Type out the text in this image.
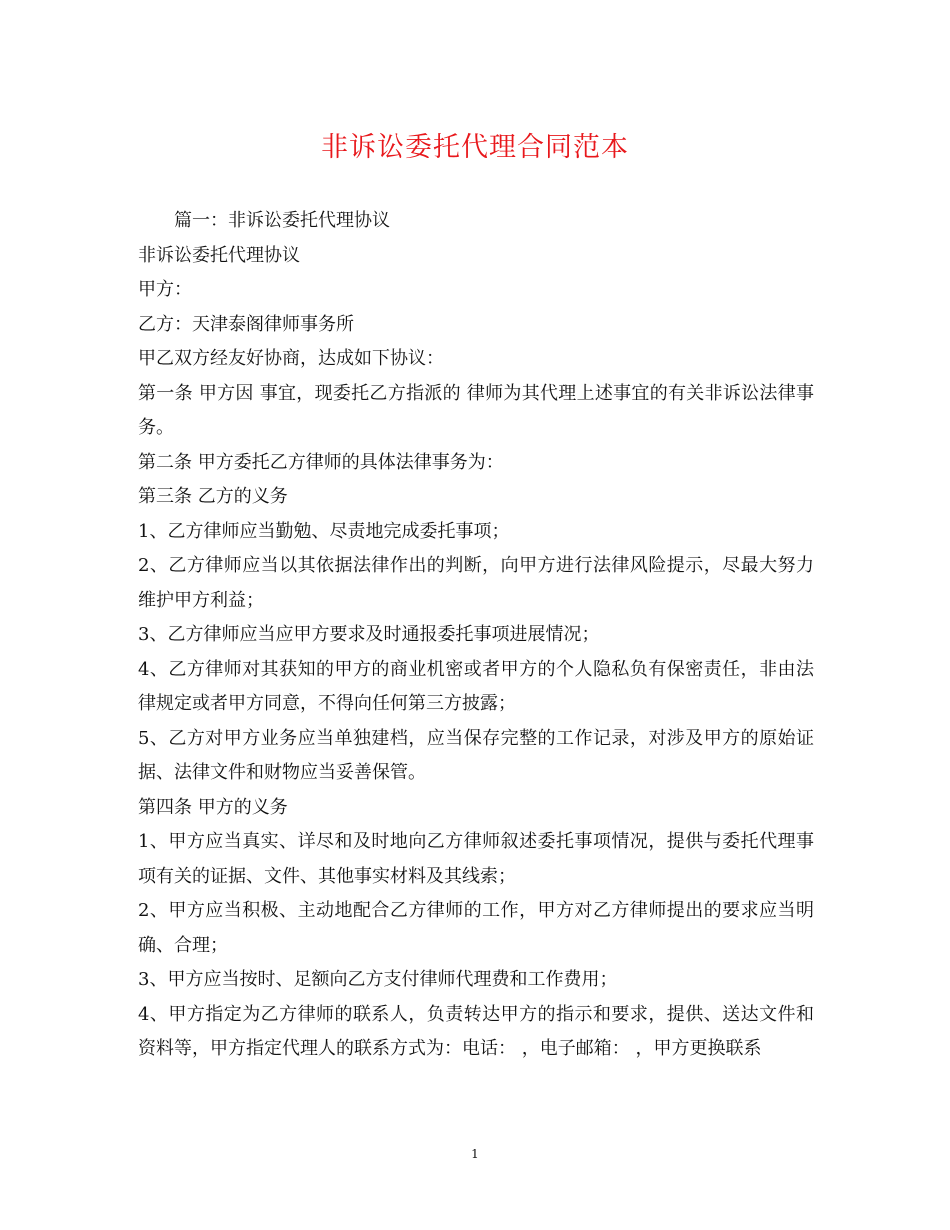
非诉讼委托代理合同范本

篇一：非诉讼委托代理协议

非诉讼委托代理协议

甲方：

乙方：天津泰阁律师事务所

甲乙双方经友好协商，达成如下协议：

第一条 甲方因 事宜，现委托乙方指派的 律师为其代理上述事宜的有关非诉讼法律事务。

第二条 甲方委托乙方律师的具体法律事务为：

第三条 乙方的义务

1、乙方律师应当勤勉、尽责地完成委托事项；

2、乙方律师应当以其依据法律作出的判断，向甲方进行法律风险提示，尽最大努力维护甲方利益；

3、乙方律师应当应甲方要求及时通报委托事项进展情况；

4、乙方律师对其获知的甲方的商业机密或者甲方的个人隐私负有保密责任，非由法律规定或者甲方同意，不得向任何第三方披露；

5、乙方对甲方业务应当单独建档，应当保存完整的工作记录，对涉及甲方的原始证据、法律文件和财物应当妥善保管。

第四条 甲方的义务

1、甲方应当真实、详尽和及时地向乙方律师叙述委托事项情况，提供与委托代理事项有关的证据、文件、其他事实材料及其线索；

2、甲方应当积极、主动地配合乙方律师的工作，甲方对乙方律师提出的要求应当明确、合理；

3、甲方应当按时、足额向乙方支付律师代理费和工作费用；

4、甲方指定为乙方律师的联系人，负责转达甲方的指示和要求，提供、送达文件和资料等，甲方指定代理人的联系方式为：电话： ，电子邮箱： ，甲方更换联系

1
